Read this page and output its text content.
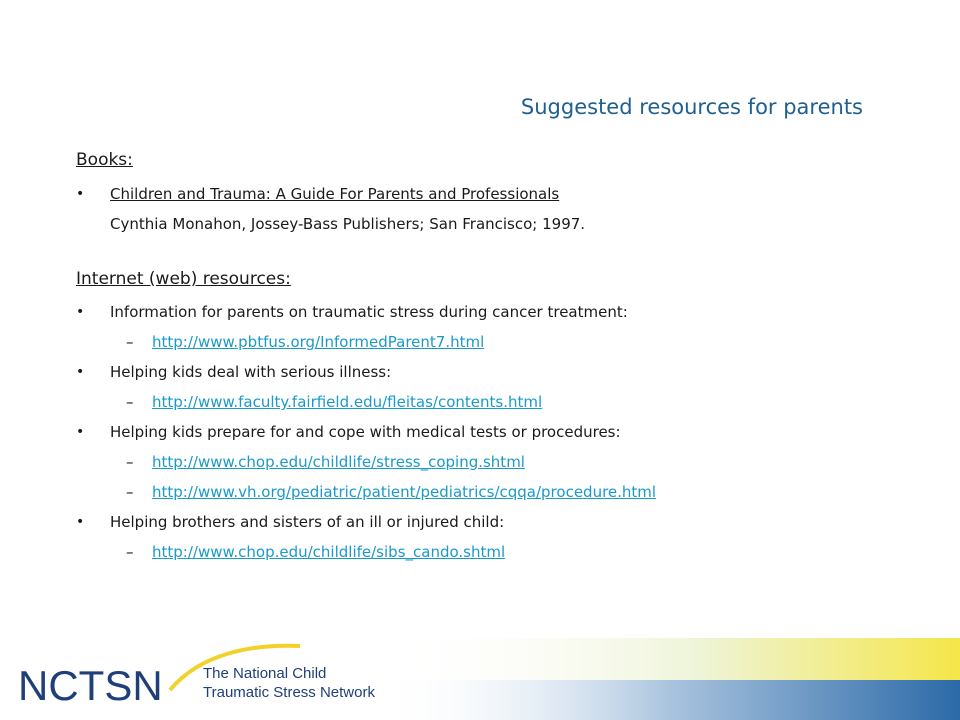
Suggested resources for parents
Books:
•	Children and Trauma: A Guide For Parents and Professionals
Cynthia Monahon, Jossey-Bass Publishers; San Francisco; 1997.
Internet (web) resources:
•	Information for parents on traumatic stress during cancer treatment:
– http://www.pbtfus.org/InformedParent7.html
•	Helping kids deal with serious illness:
– http://www.faculty.fairfield.edu/fleitas/contents.html
•	Helping kids prepare for and cope with medical tests or procedures:
– http://www.chop.edu/childlife/stress_coping.shtml
– http://www.vh.org/pediatric/patient/pediatrics/cqqa/procedure.html
•	Helping brothers and sisters of an ill or injured child:
– http://www.chop.edu/childlife/sibs_cando.shtml
NCTSN	The National Child
Traumatic Stress Network
